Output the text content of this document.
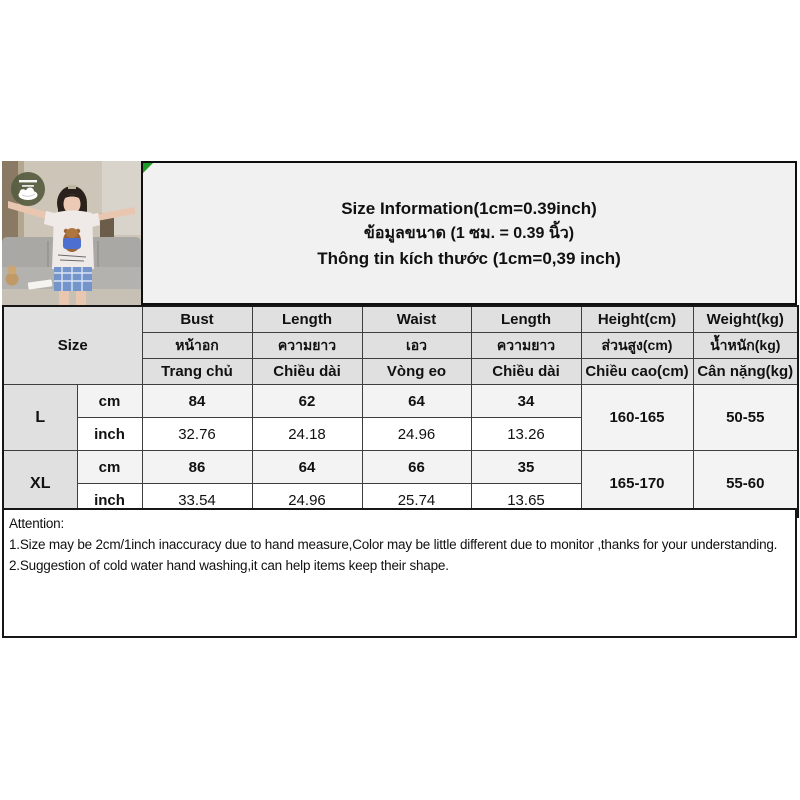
Size Information(1cm=0.39inch)
ข้อมูลขนาด (1 ซม. = 0.39 นิ้ว)
Thông tin kích thước (1cm=0,39 inch)
Size		Bust	Length	Waist	Length	Height(cm)	Weight(kg)
		หน้าอก	ความยาว	เอว	ความยาว	ส่วนสูง(cm)	น้ำหนัก(kg)
		Trang chủ	Chiều dài	Vòng eo	Chiều dài	Chiều cao(cm)	Cân nặng(kg)
L	cm	84	62	64	34	160-165	50-55
	inch	32.76	24.18	24.96	13.26		
XL	cm	86	64	66	35	165-170	55-60
	inch	33.54	24.96	25.74	13.65		

Attention:

1.Size may be 2cm/1inch inaccuracy due to hand measure,Color may be little different due to monitor ,thanks for your understanding.

2.Suggestion of cold water hand washing,it can help items keep their shape.
